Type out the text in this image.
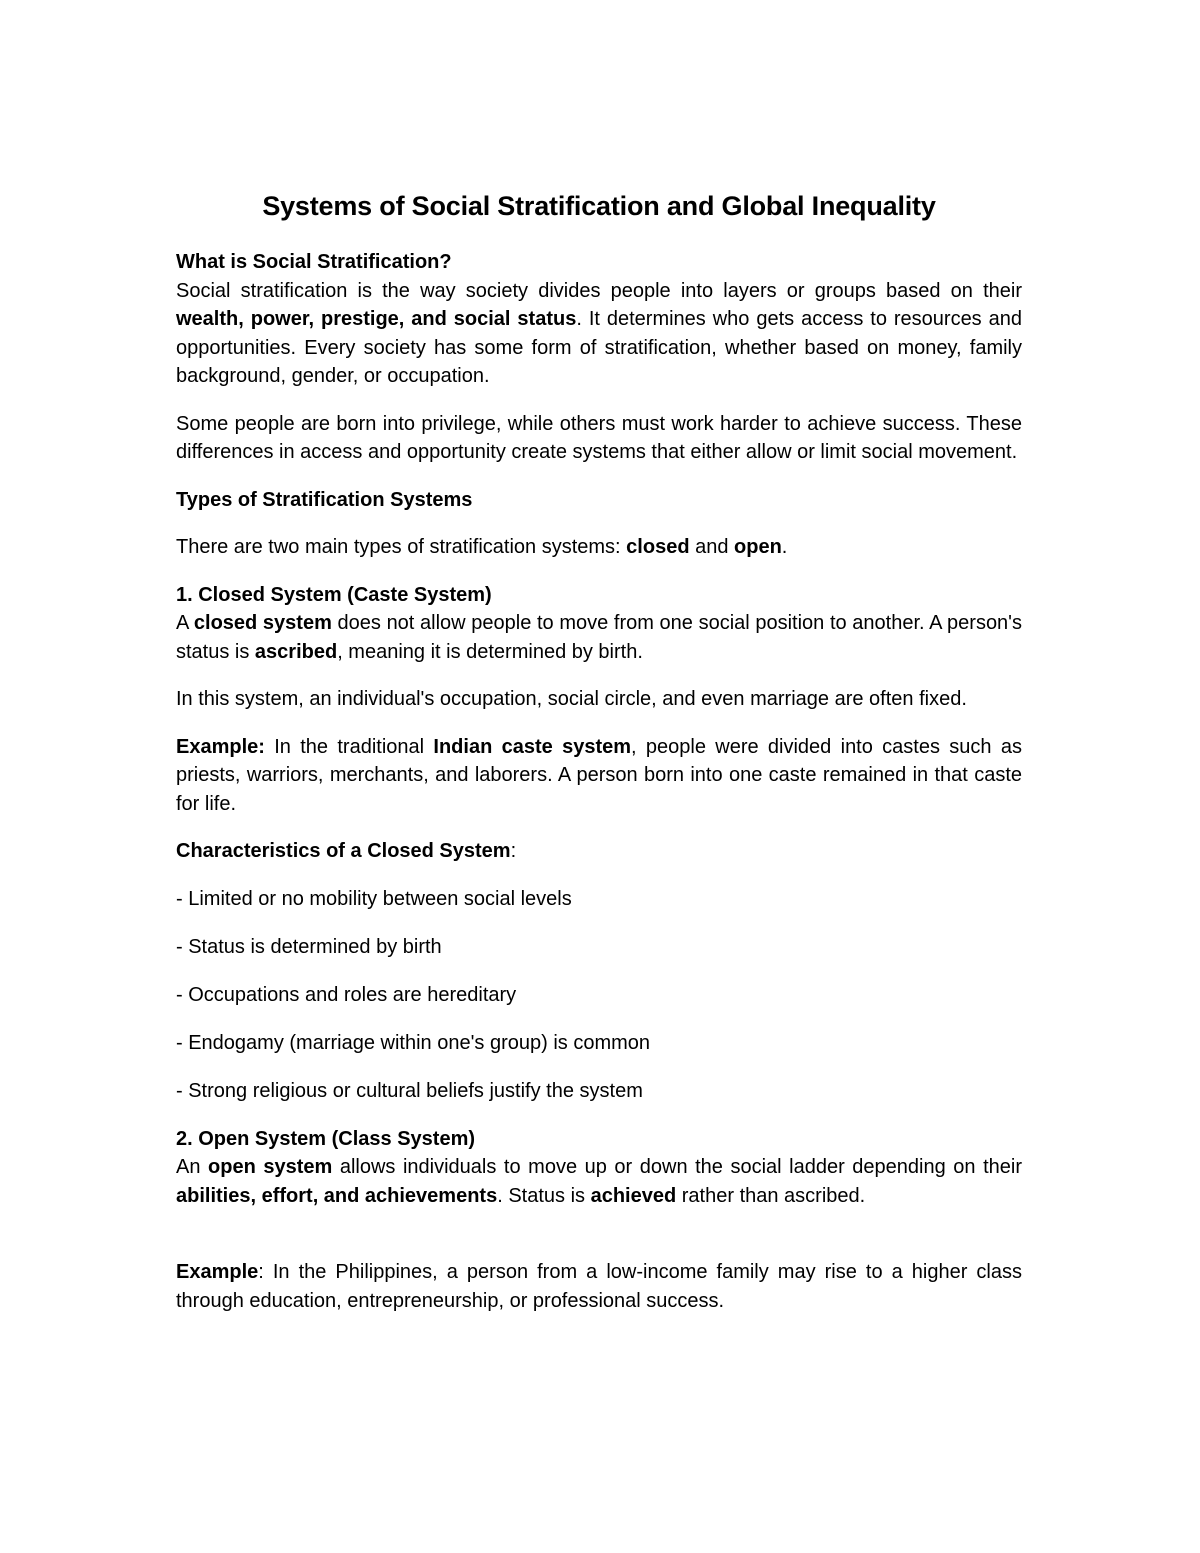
Systems of Social Stratification and Global Inequality

What is Social Stratification?

Social stratification is the way society divides people into layers or groups based on their wealth, power, prestige, and social status. It determines who gets access to resources and opportunities. Every society has some form of stratification, whether based on money, family background, gender, or occupation.

Some people are born into privilege, while others must work harder to achieve success. These differences in access and opportunity create systems that either allow or limit social movement.

Types of Stratification Systems

There are two main types of stratification systems: closed and open.

1. Closed System (Caste System)

A closed system does not allow people to move from one social position to another. A person's status is ascribed, meaning it is determined by birth.

In this system, an individual's occupation, social circle, and even marriage are often fixed.

Example: In the traditional Indian caste system, people were divided into castes such as priests, warriors, merchants, and laborers. A person born into one caste remained in that caste for life.

Characteristics of a Closed System:

- Limited or no mobility between social levels

- Status is determined by birth

- Occupations and roles are hereditary

- Endogamy (marriage within one's group) is common

- Strong religious or cultural beliefs justify the system

2. Open System (Class System)

An open system allows individuals to move up or down the social ladder depending on their abilities, effort, and achievements. Status is achieved rather than ascribed.

Example: In the Philippines, a person from a low-income family may rise to a higher class through education, entrepreneurship, or professional success.
